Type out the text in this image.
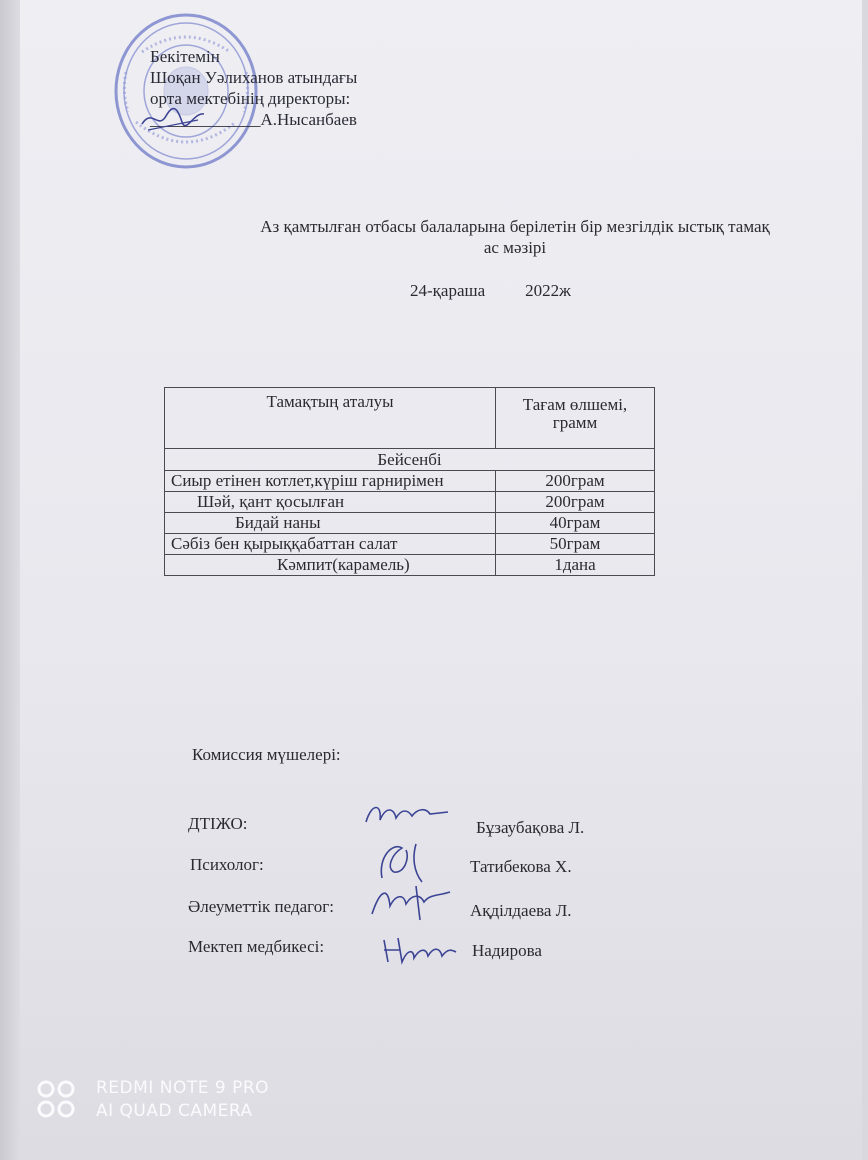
Бекітемін
Шоқан Уәлиханов атындағы
орта мектебінің директоры:
_____________А.Нысанбаев
Аз қамтылған отбасы балаларына берілетін бір мезгілдік ыстық тамақ
ас мәзірі
24-қараша 2022ж
Тамақтың аталуы	Тағам өлшемі, грамм
Бейсенбі	
Сиыр етінен котлет,күріш гарнирімен	200грам
Шәй, қант қосылған	200грам
Бидай наны	40грам
Сәбіз бен қырыққабаттан салат	50грам
Кәмпит(карамель)	1дана
Комиссия мүшелері:
ДТІЖО:	Бұзаубақова Л.
Психолог:	Татибекова Х.
Әлеуметтік педагог:	Ақділдаева Л.
Мектеп медбикесі:	Надирова
REDMI NOTE 9 PRO
AI QUAD CAMERA
